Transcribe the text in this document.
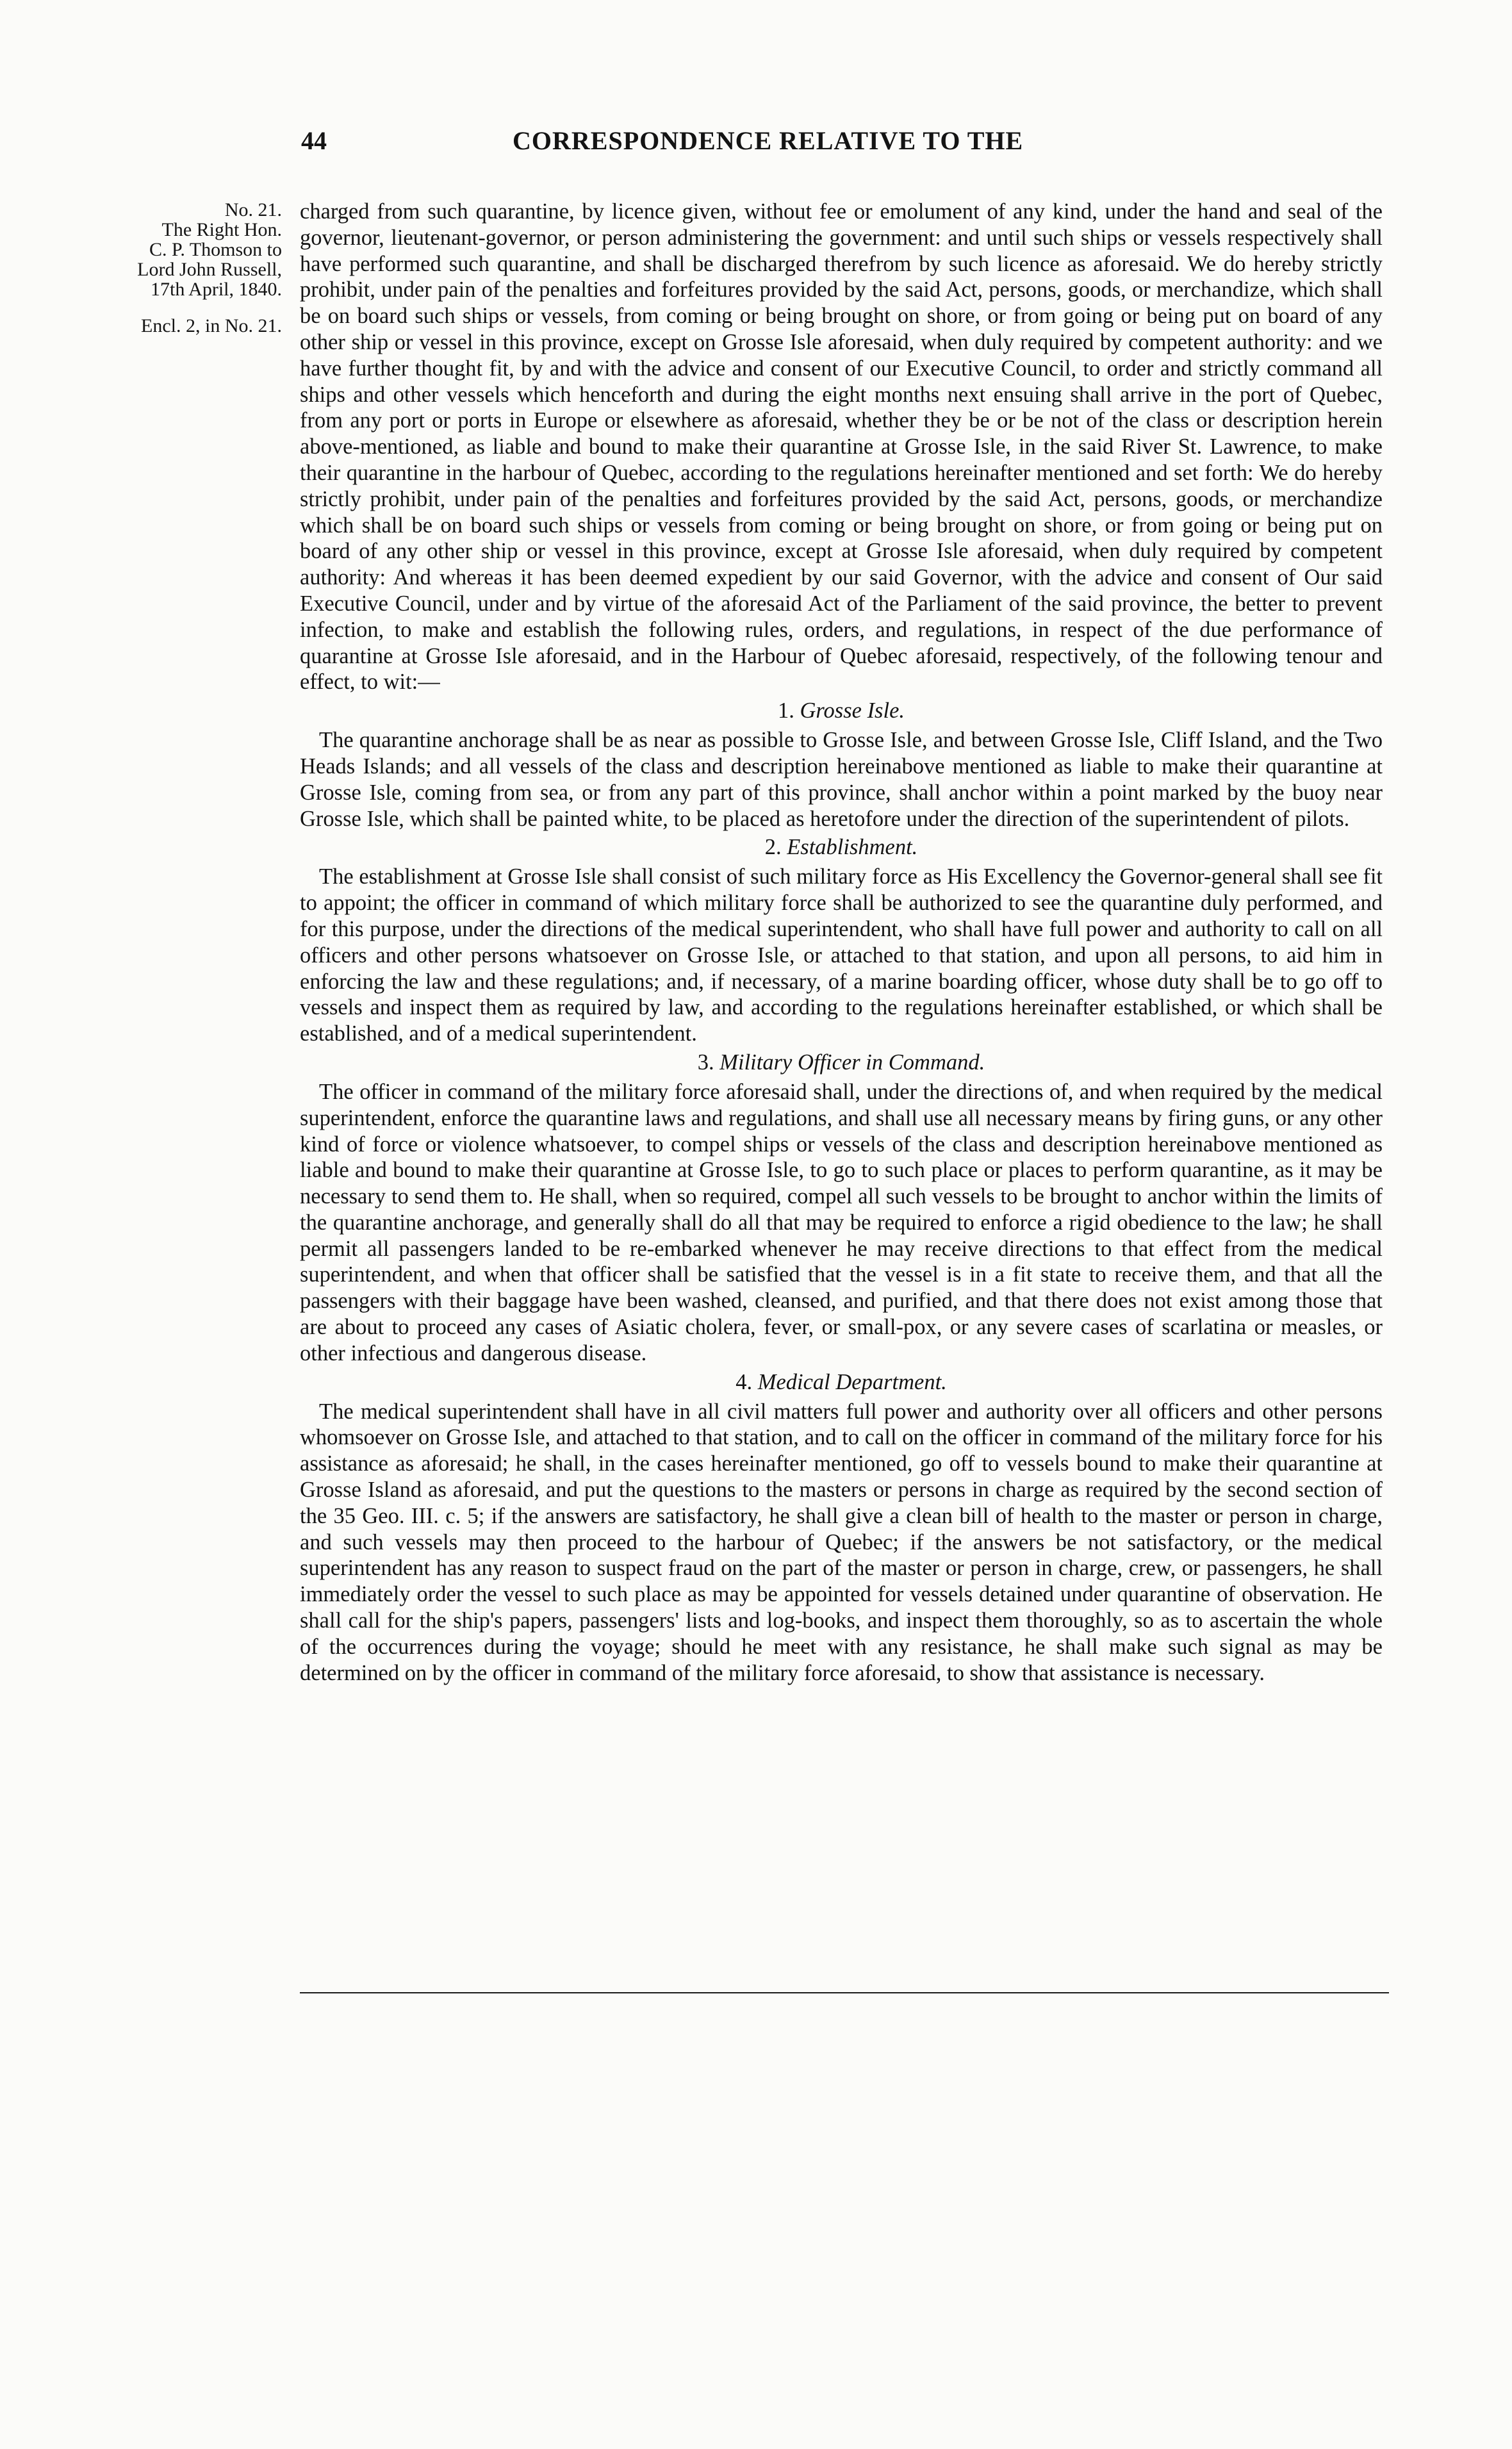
44	CORRESPONDENCE RELATIVE TO THE
No. 21.
The Right Hon.
C. P. Thomson to
Lord John Russell,
17th April, 1840.
Encl. 2, in No. 21.

charged from such quarantine, by licence given, without fee or emolument of any kind, under the hand and seal of the governor, lieutenant-governor, or person administering the government: and until such ships or vessels respectively shall have performed such quarantine, and shall be discharged therefrom by such licence as aforesaid. We do hereby strictly prohibit, under pain of the penalties and forfeitures provided by the said Act, persons, goods, or merchandize, which shall be on board such ships or vessels, from coming or being brought on shore, or from going or being put on board of any other ship or vessel in this province, except on Grosse Isle aforesaid, when duly required by competent authority: and we have further thought fit, by and with the advice and consent of our Executive Council, to order and strictly command all ships and other vessels which henceforth and during the eight months next ensuing shall arrive in the port of Quebec, from any port or ports in Europe or elsewhere as aforesaid, whether they be or be not of the class or description herein above-mentioned, as liable and bound to make their quarantine at Grosse Isle, in the said River St. Lawrence, to make their quarantine in the harbour of Quebec, according to the regulations hereinafter mentioned and set forth: We do hereby strictly prohibit, under pain of the penalties and forfeitures provided by the said Act, persons, goods, or merchandize which shall be on board such ships or vessels from coming or being brought on shore, or from going or being put on board of any other ship or vessel in this province, except at Grosse Isle aforesaid, when duly required by competent authority: And whereas it has been deemed expedient by our said Governor, with the advice and consent of Our said Executive Council, under and by virtue of the aforesaid Act of the Parliament of the said province, the better to prevent infection, to make and establish the following rules, orders, and regulations, in respect of the due performance of quarantine at Grosse Isle aforesaid, and in the Harbour of Quebec aforesaid, respectively, of the following tenour and effect, to wit:—

1. Grosse Isle.

The quarantine anchorage shall be as near as possible to Grosse Isle, and between Grosse Isle, Cliff Island, and the Two Heads Islands; and all vessels of the class and description hereinabove mentioned as liable to make their quarantine at Grosse Isle, coming from sea, or from any part of this province, shall anchor within a point marked by the buoy near Grosse Isle, which shall be painted white, to be placed as heretofore under the direction of the superintendent of pilots.

2. Establishment.

The establishment at Grosse Isle shall consist of such military force as His Excellency the Governor-general shall see fit to appoint; the officer in command of which military force shall be authorized to see the quarantine duly performed, and for this purpose, under the directions of the medical superintendent, who shall have full power and authority to call on all officers and other persons whatsoever on Grosse Isle, or attached to that station, and upon all persons, to aid him in enforcing the law and these regulations; and, if necessary, of a marine boarding officer, whose duty shall be to go off to vessels and inspect them as required by law, and according to the regulations hereinafter established, or which shall be established, and of a medical superintendent.

3. Military Officer in Command.

The officer in command of the military force aforesaid shall, under the directions of, and when required by the medical superintendent, enforce the quarantine laws and regulations, and shall use all necessary means by firing guns, or any other kind of force or violence whatsoever, to compel ships or vessels of the class and description hereinabove mentioned as liable and bound to make their quarantine at Grosse Isle, to go to such place or places to perform quarantine, as it may be necessary to send them to. He shall, when so required, compel all such vessels to be brought to anchor within the limits of the quarantine anchorage, and generally shall do all that may be required to enforce a rigid obedience to the law; he shall permit all passengers landed to be re-embarked whenever he may receive directions to that effect from the medical superintendent, and when that officer shall be satisfied that the vessel is in a fit state to receive them, and that all the passengers with their baggage have been washed, cleansed, and purified, and that there does not exist among those that are about to proceed any cases of Asiatic cholera, fever, or small-pox, or any severe cases of scarlatina or measles, or other infectious and dangerous disease.

4. Medical Department.

The medical superintendent shall have in all civil matters full power and authority over all officers and other persons whomsoever on Grosse Isle, and attached to that station, and to call on the officer in command of the military force for his assistance as aforesaid; he shall, in the cases hereinafter mentioned, go off to vessels bound to make their quarantine at Grosse Island as aforesaid, and put the questions to the masters or persons in charge as required by the second section of the 35 Geo. III. c. 5; if the answers are satisfactory, he shall give a clean bill of health to the master or person in charge, and such vessels may then proceed to the harbour of Quebec; if the answers be not satisfactory, or the medical superintendent has any reason to suspect fraud on the part of the master or person in charge, crew, or passengers, he shall immediately order the vessel to such place as may be appointed for vessels detained under quarantine of observation. He shall call for the ship's papers, passengers' lists and log-books, and inspect them thoroughly, so as to ascertain the whole of the occurrences during the voyage; should he meet with any resistance, he shall make such signal as may be determined on by the officer in command of the military force aforesaid, to show that assistance is necessary.
